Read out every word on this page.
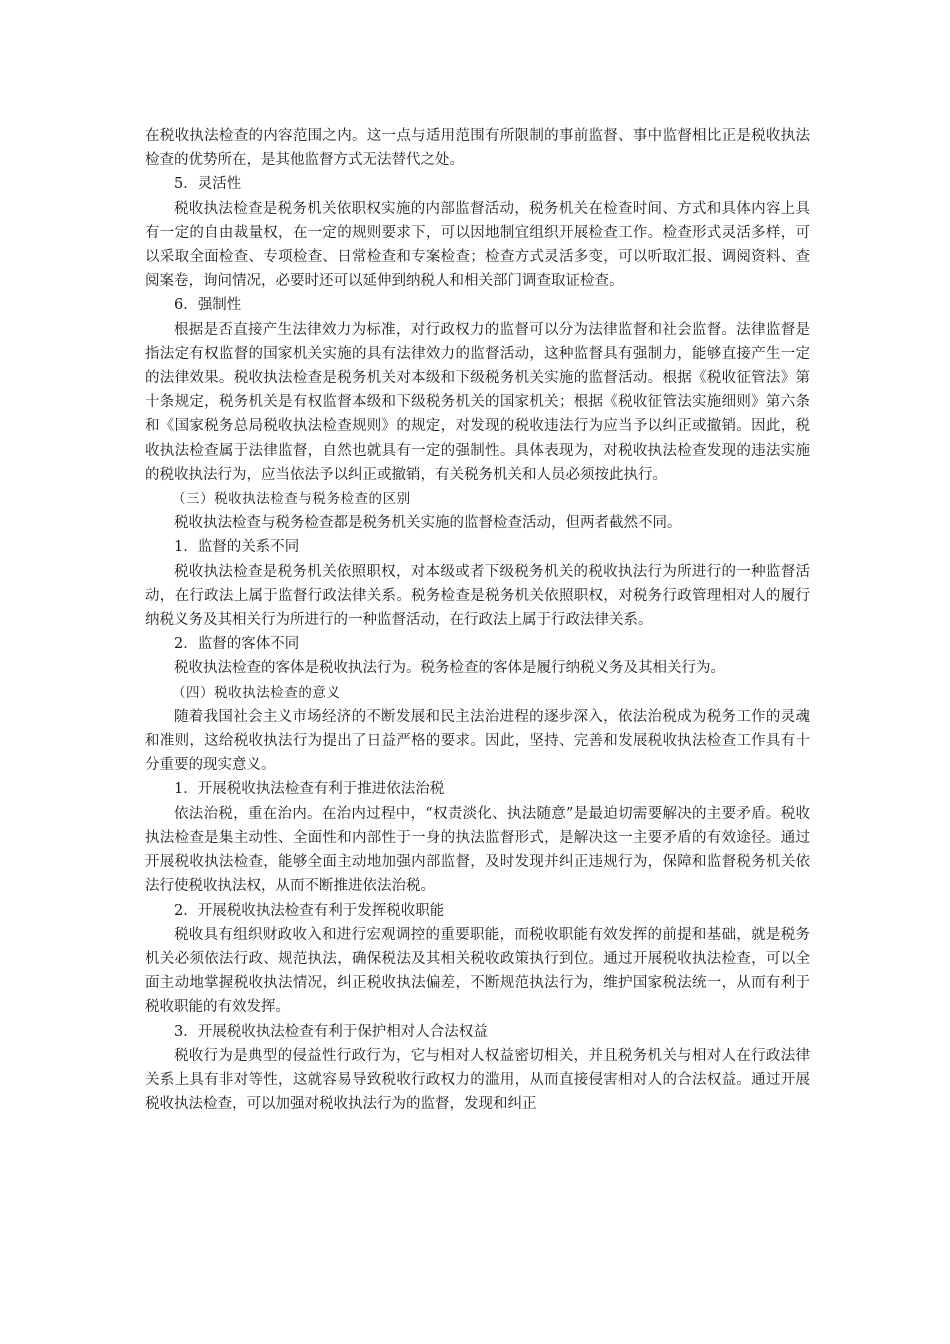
在税收执法检查的内容范围之内。这一点与适用范围有所限制的事前监督、事中监督相比正是税收执法检查的优势所在，是其他监督方式无法替代之处。

5．灵活性

税收执法检查是税务机关依职权实施的内部监督活动，税务机关在检查时间、方式和具体内容上具有一定的自由裁量权，在一定的规则要求下，可以因地制宜组织开展检查工作。检查形式灵活多样，可以采取全面检查、专项检查、日常检查和专案检查；检查方式灵活多变，可以听取汇报、调阅资料、查阅案卷，询问情况，必要时还可以延伸到纳税人和相关部门调查取证检查。

6．强制性

根据是否直接产生法律效力为标准，对行政权力的监督可以分为法律监督和社会监督。法律监督是指法定有权监督的国家机关实施的具有法律效力的监督活动，这种监督具有强制力，能够直接产生一定的法律效果。税收执法检查是税务机关对本级和下级税务机关实施的监督活动。根据《税收征管法》第十条规定，税务机关是有权监督本级和下级税务机关的国家机关；根据《税收征管法实施细则》第六条和《国家税务总局税收执法检查规则》的规定，对发现的税收违法行为应当予以纠正或撤销。因此，税收执法检查属于法律监督，自然也就具有一定的强制性。具体表现为，对税收执法检查发现的违法实施的税收执法行为，应当依法予以纠正或撤销，有关税务机关和人员必须按此执行。

（三）税收执法检查与税务检查的区别

税收执法检查与税务检查都是税务机关实施的监督检查活动，但两者截然不同。

1．监督的关系不同

税收执法检查是税务机关依照职权，对本级或者下级税务机关的税收执法行为所进行的一种监督活动，在行政法上属于监督行政法律关系。税务检查是税务机关依照职权，对税务行政管理相对人的履行纳税义务及其相关行为所进行的一种监督活动，在行政法上属于行政法律关系。

2．监督的客体不同

税收执法检查的客体是税收执法行为。税务检查的客体是履行纳税义务及其相关行为。

（四）税收执法检查的意义

随着我国社会主义市场经济的不断发展和民主法治进程的逐步深入，依法治税成为税务工作的灵魂和准则，这给税收执法行为提出了日益严格的要求。因此，坚持、完善和发展税收执法检查工作具有十分重要的现实意义。

1．开展税收执法检查有利于推进依法治税

依法治税，重在治内。在治内过程中，“权责淡化、执法随意”是最迫切需要解决的主要矛盾。税收执法检查是集主动性、全面性和内部性于一身的执法监督形式，是解决这一主要矛盾的有效途径。通过开展税收执法检查，能够全面主动地加强内部监督，及时发现并纠正违规行为，保障和监督税务机关依法行使税收执法权，从而不断推进依法治税。

2．开展税收执法检查有利于发挥税收职能

税收具有组织财政收入和进行宏观调控的重要职能，而税收职能有效发挥的前提和基础，就是税务机关必须依法行政、规范执法，确保税法及其相关税收政策执行到位。通过开展税收执法检查，可以全面主动地掌握税收执法情况，纠正税收执法偏差，不断规范执法行为，维护国家税法统一，从而有利于税收职能的有效发挥。

3．开展税收执法检查有利于保护相对人合法权益

税收行为是典型的侵益性行政行为，它与相对人权益密切相关，并且税务机关与相对人在行政法律关系上具有非对等性，这就容易导致税收行政权力的滥用，从而直接侵害相对人的合法权益。通过开展税收执法检查，可以加强对税收执法行为的监督，发现和纠正
